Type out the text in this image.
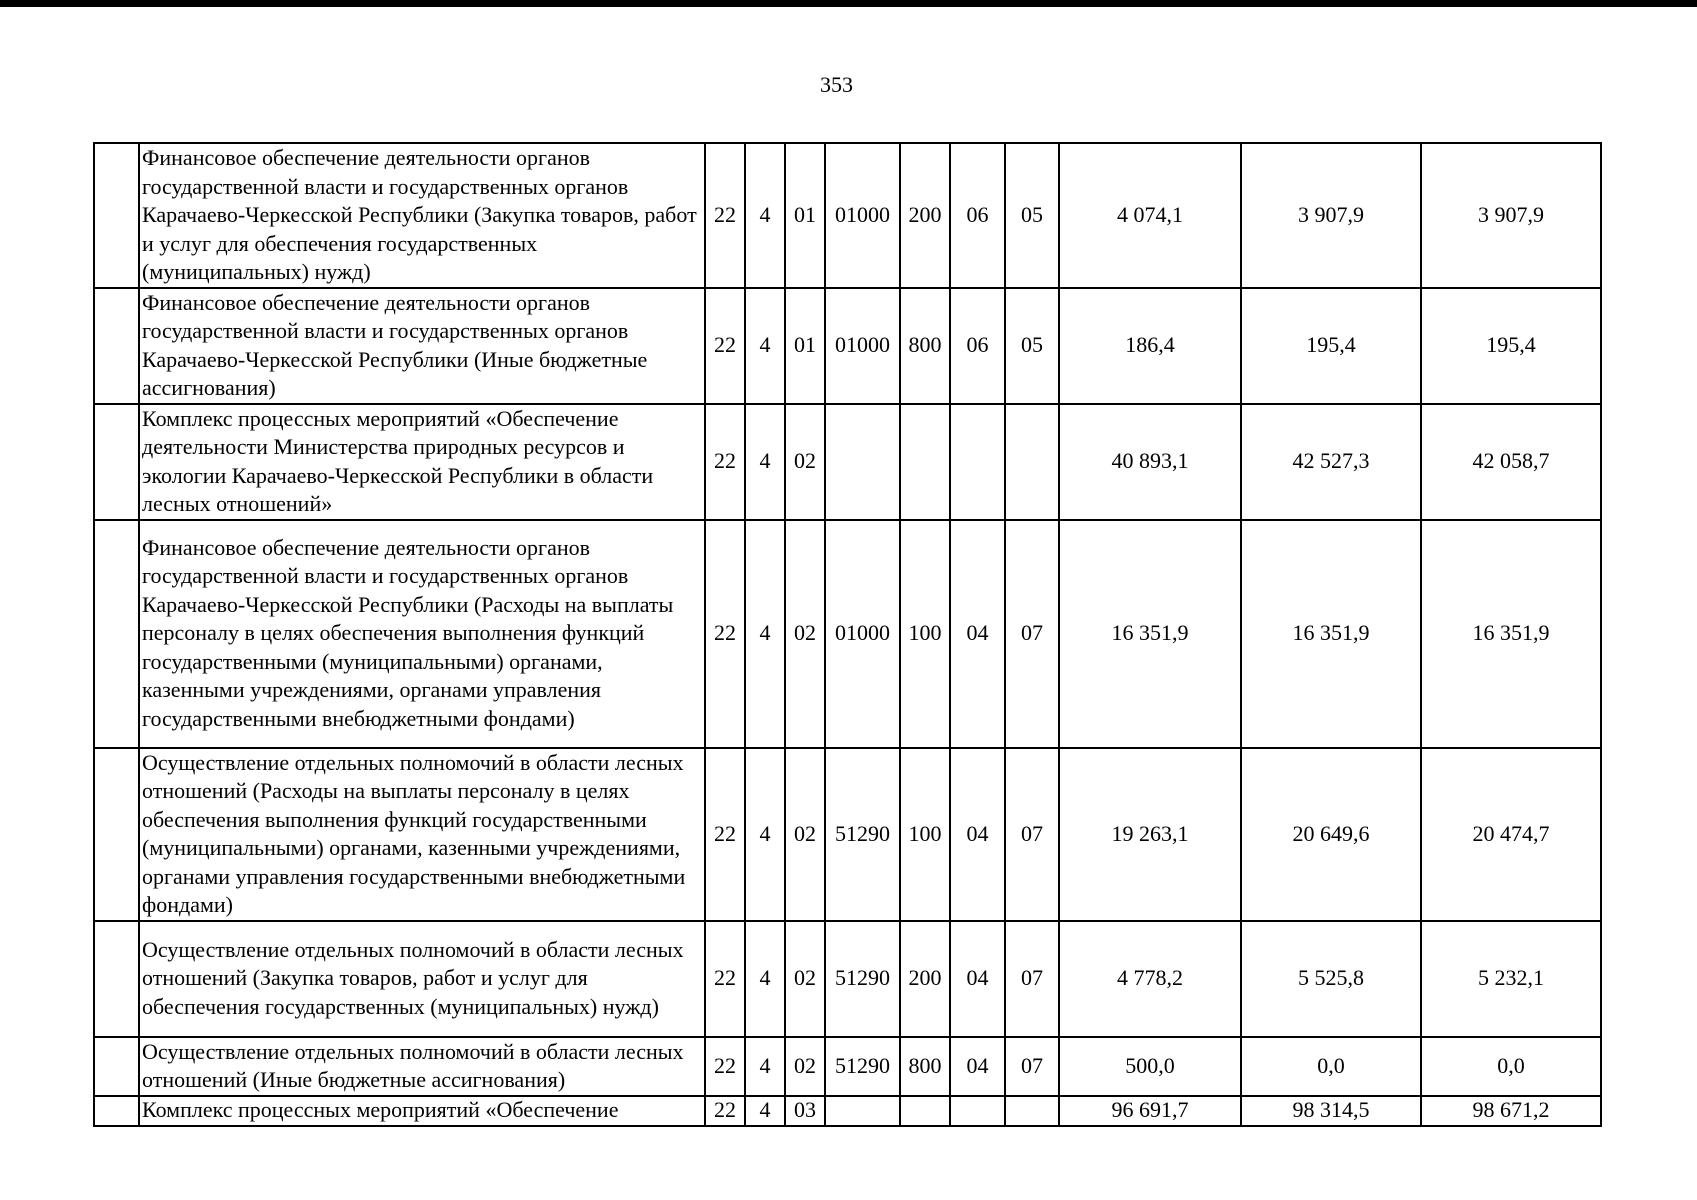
353
	Финансовое обеспечение деятельности органов государственной власти и государственных органов Карачаево-Черкесской Республики (Закупка товаров, работ и услуг для обеспечения государственных (муниципальных) нужд)	22	4	01	01000	200	06	05	4 074,1	3 907,9	3 907,9
	Финансовое обеспечение деятельности органов государственной власти и государственных органов Карачаево-Черкесской Республики (Иные бюджетные ассигнования)	22	4	01	01000	800	06	05	186,4	195,4	195,4
	Комплекс процессных мероприятий «Обеспечение деятельности Министерства природных ресурсов и экологии Карачаево-Черкесской Республики в области лесных отношений»	22	4	02					40 893,1	42 527,3	42 058,7
	Финансовое обеспечение деятельности органов государственной власти и государственных органов Карачаево-Черкесской Республики (Расходы на выплаты персоналу в целях обеспечения выполнения функций государственными (муниципальными) органами, казенными учреждениями, органами управления государственными внебюджетными фондами)	22	4	02	01000	100	04	07	16 351,9	16 351,9	16 351,9
	Осуществление отдельных полномочий в области лесных отношений (Расходы на выплаты персоналу в целях обеспечения выполнения функций государственными (муниципальными) органами, казенными учреждениями, органами управления государственными внебюджетными фондами)	22	4	02	51290	100	04	07	19 263,1	20 649,6	20 474,7
	Осуществление отдельных полномочий в области лесных отношений (Закупка товаров, работ и услуг для обеспечения государственных (муниципальных) нужд)	22	4	02	51290	200	04	07	4 778,2	5 525,8	5 232,1
	Осуществление отдельных полномочий в области лесных отношений (Иные бюджетные ассигнования)	22	4	02	51290	800	04	07	500,0	0,0	0,0
	Комплекс процессных мероприятий «Обеспечение	22	4	03					96 691,7	98 314,5	98 671,2
